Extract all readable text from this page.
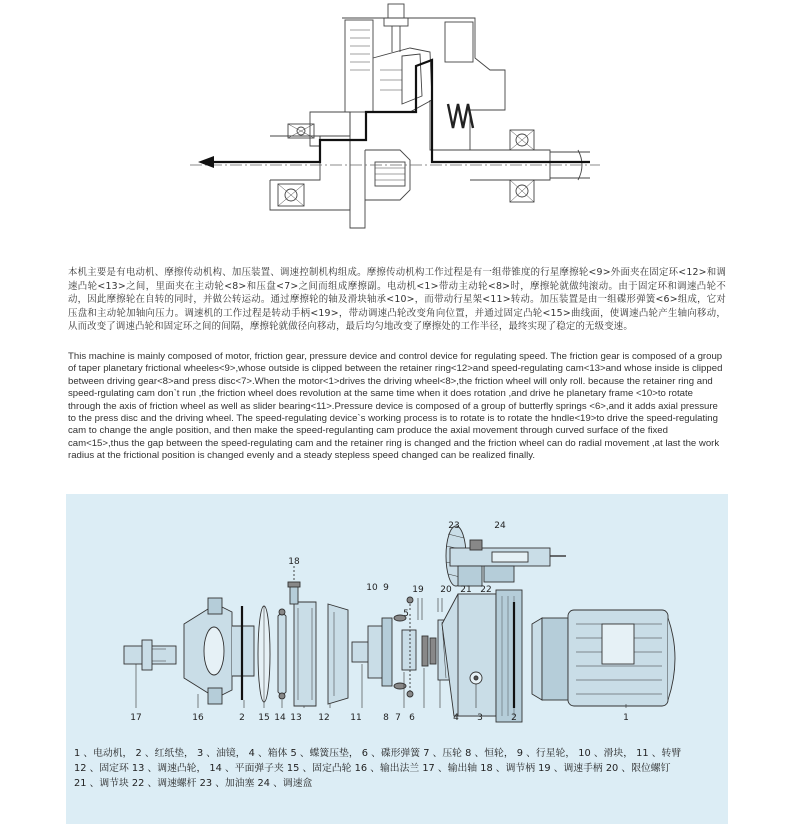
本机主要是有电动机、摩擦传动机构、加压装置、调速控制机构组成。摩擦传动机构工作过程是有一组带锥度的行星摩擦轮<9>外面夹在固定环<12>和调速凸轮<13>之间，里面夹在主动轮<8>和压盘<7>之间而组成摩擦副。电动机<1>带动主动轮<8>时，摩擦轮就做纯滚动。由于固定环和调速凸轮不动，因此摩擦轮在自转的同时，并做公转运动。通过摩擦轮的轴及滑块轴承<10>，而带动行星架<11>转动。加压装置是由一组碟形弹簧<6>组成，它对压盘和主动轮加轴向压力。调速机的工作过程是转动手柄<19>，带动调速凸轮改变角向位置，并通过固定凸轮<15>曲线面，使调速凸轮产生轴向移动，从而改变了调速凸轮和固定环之间的间隔，摩擦轮就做径向移动，最后均匀地改变了摩擦处的工作半径，最终实现了稳定的无级变速。

This machine is mainly composed of motor, friction gear, pressure device and control device for regulating speed. The friction gear is composed of a group of taper planetary frictional wheeles<9>,whose outside is clipped between the retainer ring<12>and speed-regulating cam<13>and whose inside is clipped between driving gear<8>and press disc<7>.When the motor<1>drives the driving wheel<8>,the friction wheel will only roll. because the retainer ring and speed-rgulating cam don`t run ,the friction wheel does revolution at the same time when it does rotation ,and drive he planetary frame <10>to rotate through the axis of friction wheel as well as slider bearing<11>.Pressure device is composed of a group of butterfly springs <6>,and it adds axial pressure to the press disc and the driving wheel. The speed-regulating device`s working process is to rotate is to rotate the hndle<19>to drive the speed-regulating cam to change the angle position, and then make the speed-reguIanting cam produce the axial movement through curved surface of the fixed cam<15>,thus the gap between the speed-regulating cam and the retainer ring is changed and the friction wheel can do radial movement ,at last the work radius at the frictional position is changed evenly and a steady stepless speed changed can be realized finally.

17	16	2 15 14 13 12 11 8 7 6	4 3	2	1
18
10 9
5
19 20 21 22
23	24
1 、电动机， 2 、红纸垫， 3 、油镜， 4 、箱体 5 、蝶簧压垫， 6 、碟形弹簧 7 、压轮 8 、恒轮， 9 、行星轮， 10 、滑块， 11 、转臂
12 、固定环 13 、调速凸轮， 14 、平面弹子夹 15 、固定凸轮 16 、输出法兰 17 、输出轴 18 、调节柄 19 、调速手柄 20 、限位螺钉
21 、调节块 22 、调速螺杆 23 、加油塞 24 、调速盒
